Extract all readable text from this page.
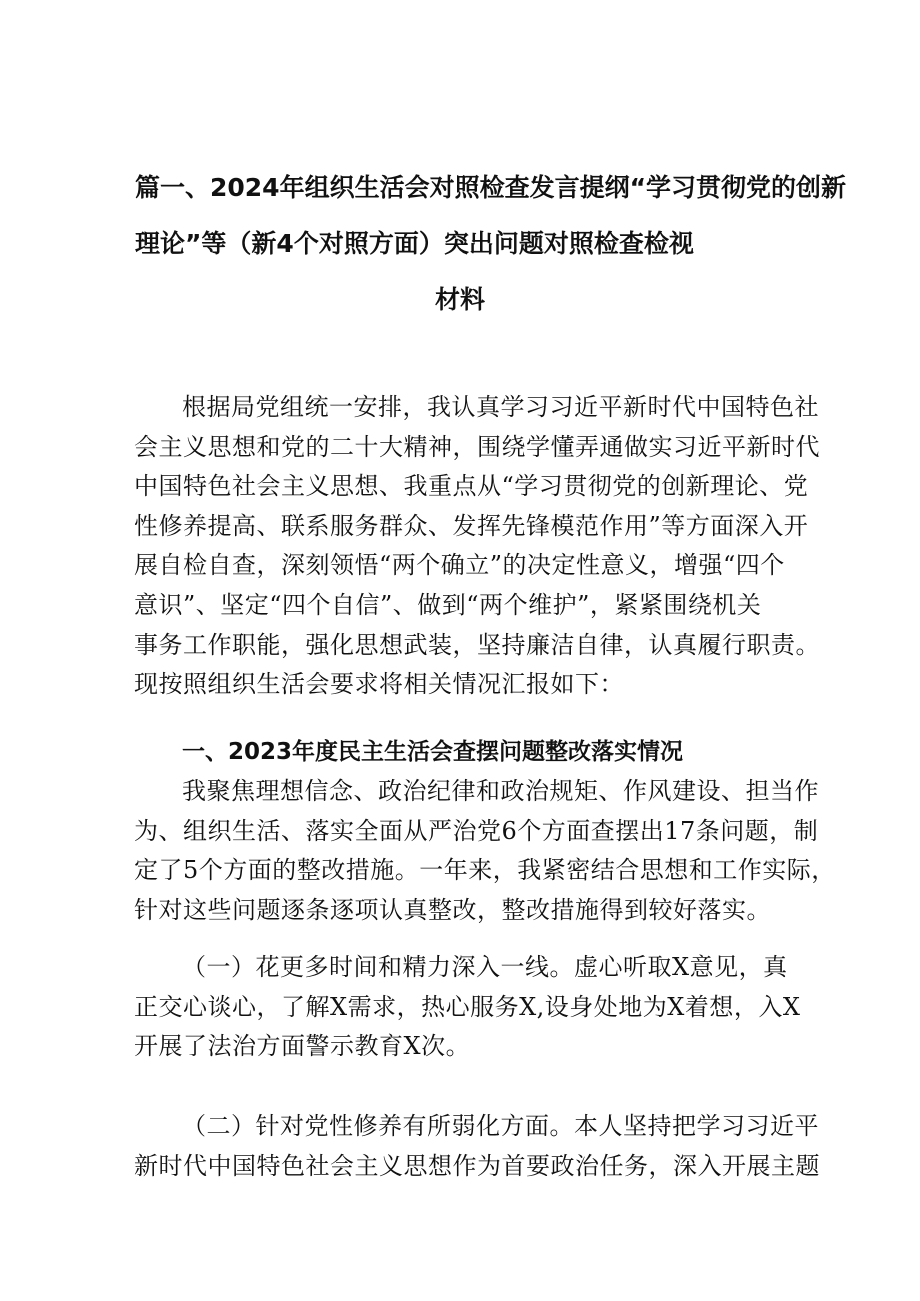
篇一、2024年组织生活会对照检查发言提纲“学习贯彻党的创新
理论”等（新4个对照方面）突出问题对照检查检视
材料
根据局党组统一安排，我认真学习习近平新时代中国特色社
会主义思想和党的二十大精神，围绕学懂弄通做实习近平新时代
中国特色社会主义思想、我重点从“学习贯彻党的创新理论、党
性修养提高、联系服务群众、发挥先锋模范作用”等方面深入开
展自检自查，深刻领悟“两个确立”的决定性意义，增强“四个
意识”、坚定“四个自信”、做到“两个维护”，紧紧围绕机关
事务工作职能，强化思想武装，坚持廉洁自律，认真履行职责。
现按照组织生活会要求将相关情况汇报如下：
一、2023年度民主生活会查摆问题整改落实情况
我聚焦理想信念、政治纪律和政治规矩、作风建设、担当作
为、组织生活、落实全面从严治党6个方面查摆出17条问题，制
定了5个方面的整改措施。一年来，我紧密结合思想和工作实际，
针对这些问题逐条逐项认真整改，整改措施得到较好落实。
（一）花更多时间和精力深入一线。虚心听取X意见，真
正交心谈心，了解X需求，热心服务X,设身处地为X着想，入X
开展了法治方面警示教育X次。
（二）针对党性修养有所弱化方面。本人坚持把学习习近平
新时代中国特色社会主义思想作为首要政治任务，深入开展主题
